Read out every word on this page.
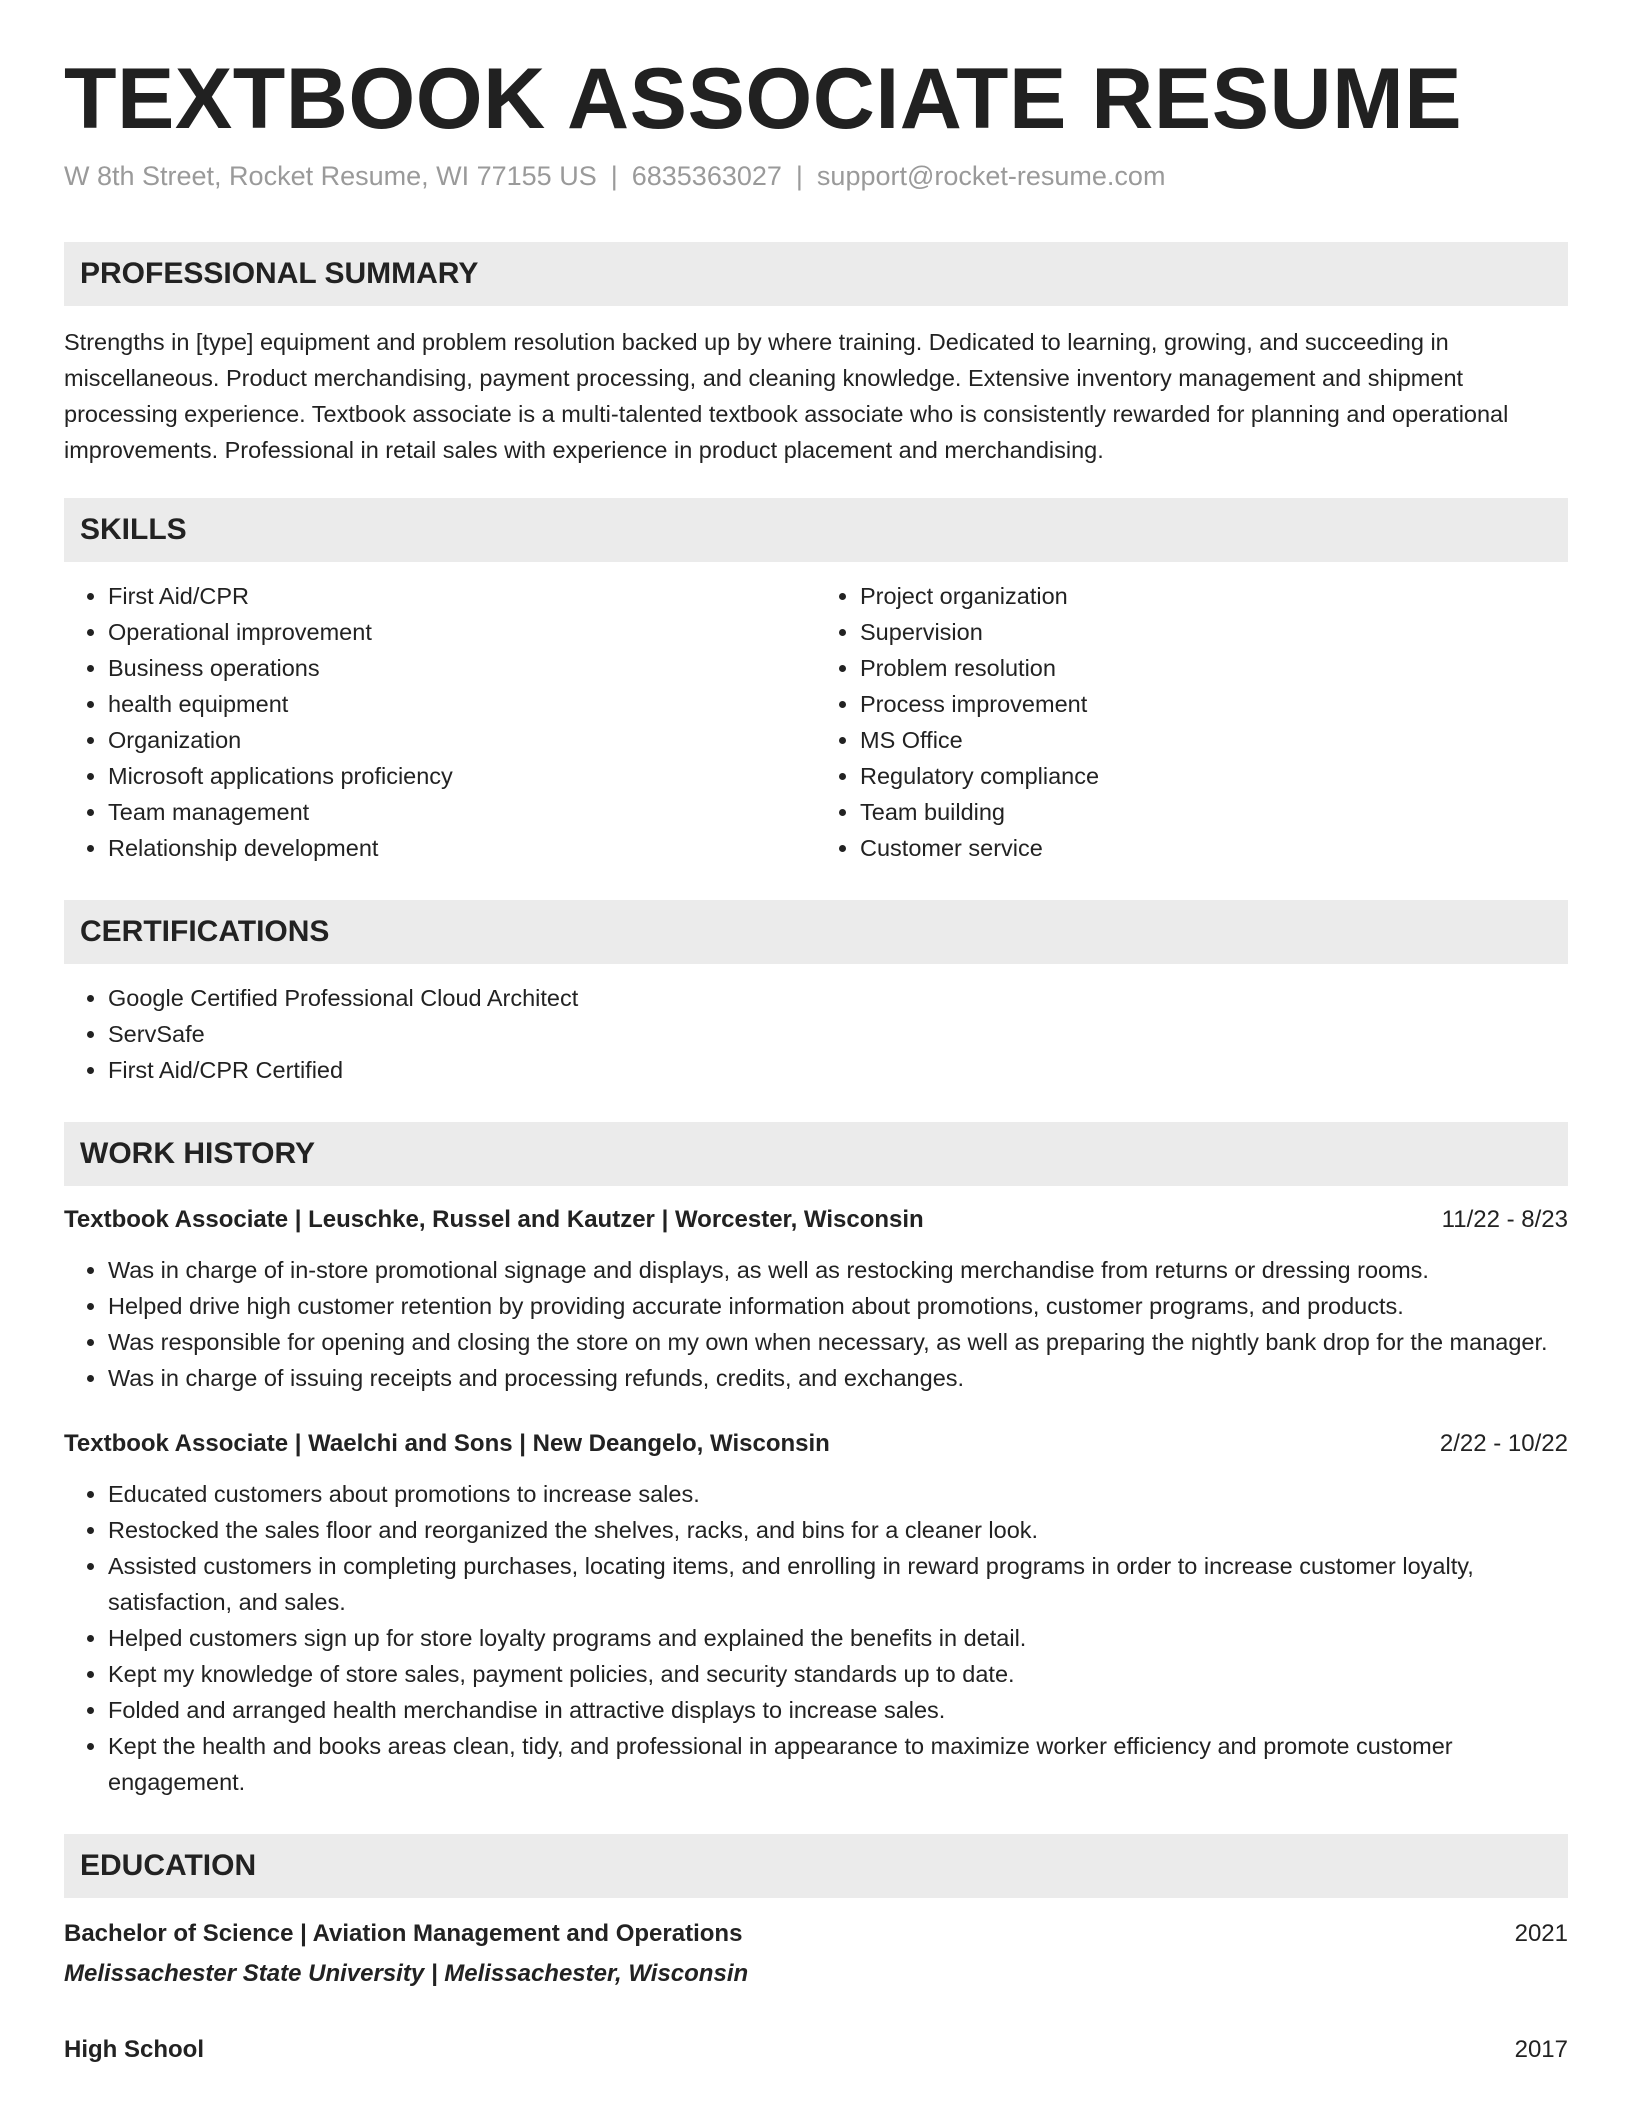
TEXTBOOK ASSOCIATE RESUME
W 8th Street, Rocket Resume, WI 77155 US | 6835363027 | support@rocket-resume.com
PROFESSIONAL SUMMARY
Strengths in [type] equipment and problem resolution backed up by where training. Dedicated to learning, growing, and succeeding in miscellaneous. Product merchandising, payment processing, and cleaning knowledge. Extensive inventory management and shipment processing experience. Textbook associate is a multi-talented textbook associate who is consistently rewarded for planning and operational improvements. Professional in retail sales with experience in product placement and merchandising.
SKILLS
• First Aid/CPR
• Operational improvement
• Business operations
• health equipment
• Organization
• Microsoft applications proficiency
• Team management
• Relationship development
• Project organization
• Supervision
• Problem resolution
• Process improvement
• MS Office
• Regulatory compliance
• Team building
• Customer service
CERTIFICATIONS
• Google Certified Professional Cloud Architect
• ServSafe
• First Aid/CPR Certified
WORK HISTORY
Textbook Associate | Leuschke, Russel and Kautzer | Worcester, Wisconsin	11/22 - 8/23
• Was in charge of in-store promotional signage and displays, as well as restocking merchandise from returns or dressing rooms.
• Helped drive high customer retention by providing accurate information about promotions, customer programs, and products.
• Was responsible for opening and closing the store on my own when necessary, as well as preparing the nightly bank drop for the manager.
• Was in charge of issuing receipts and processing refunds, credits, and exchanges.
Textbook Associate | Waelchi and Sons | New Deangelo, Wisconsin	2/22 - 10/22
• Educated customers about promotions to increase sales.
• Restocked the sales floor and reorganized the shelves, racks, and bins for a cleaner look.
• Assisted customers in completing purchases, locating items, and enrolling in reward programs in order to increase customer loyalty, satisfaction, and sales.
• Helped customers sign up for store loyalty programs and explained the benefits in detail.
• Kept my knowledge of store sales, payment policies, and security standards up to date.
• Folded and arranged health merchandise in attractive displays to increase sales.
• Kept the health and books areas clean, tidy, and professional in appearance to maximize worker efficiency and promote customer engagement.
EDUCATION
Bachelor of Science | Aviation Management and Operations	2021
Melissachester State University | Melissachester, Wisconsin
High School	2017
